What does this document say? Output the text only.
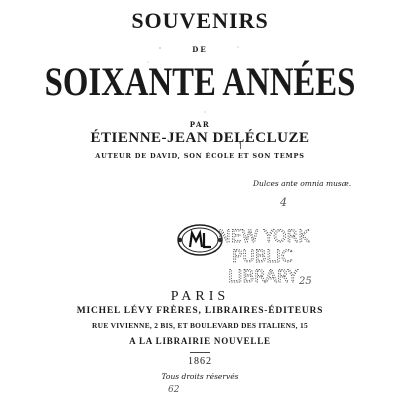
SOUVENIRS
DE
SOIXANTE ANNÉES
PAR
ÉTIENNE-JEAN DELÉCLUZE
AUTEUR DE DAVID, SON ÉCOLE ET SON TEMPS
Dulces ante omnia musæ.
4
NEW YORK
PUBLIC
LIBRARY 25
PARIS
MICHEL LÉVY FRÈRES, LIBRAIRES-ÉDITEURS
RUE VIVIENNE, 2 BIS, ET BOULEVARD DES ITALIENS, 15
A LA LIBRAIRIE NOUVELLE
1862
Tous droits réservés
62
